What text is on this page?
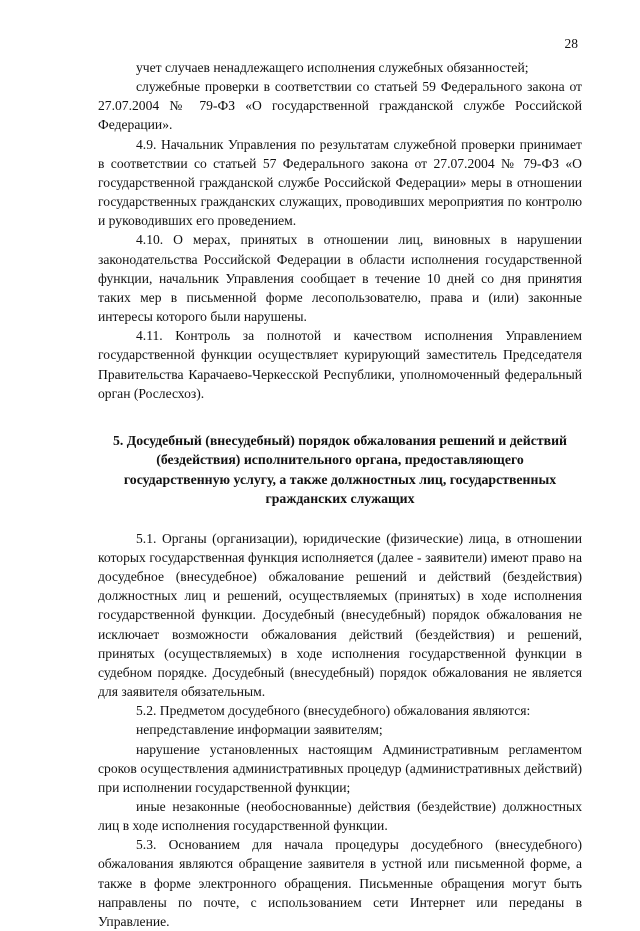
28

учет случаев ненадлежащего исполнения служебных обязанностей;

служебные проверки в соответствии со статьей 59 Федерального закона от 27.07.2004 № 79-ФЗ «О государственной гражданской службе Российской Федерации».

4.9. Начальник Управления по результатам служебной проверки принимает в соответствии со статьей 57 Федерального закона от 27.07.2004 № 79-ФЗ «О государственной гражданской службе Российской Федерации» меры в отношении государственных гражданских служащих, проводивших мероприятия по контролю и руководивших его проведением.

4.10. О мерах, принятых в отношении лиц, виновных в нарушении законодательства Российской Федерации в области исполнения государственной функции, начальник Управления сообщает в течение 10 дней со дня принятия таких мер в письменной форме лесопользователю, права и (или) законные интересы которого были нарушены.

4.11. Контроль за полнотой и качеством исполнения Управлением государственной функции осуществляет курирующий заместитель Председателя Правительства Карачаево-Черкесской Республики, уполномоченный федеральный орган (Рослесхоз).

5. Досудебный (внесудебный) порядок обжалования решений и действий (бездействия) исполнительного органа, предоставляющего государственную услугу, а также должностных лиц, государственных гражданских служащих

5.1. Органы (организации), юридические (физические) лица, в отношении которых государственная функция исполняется (далее - заявители) имеют право на досудебное (внесудебное) обжалование решений и действий (бездействия) должностных лиц и решений, осуществляемых (принятых) в ходе исполнения государственной функции. Досудебный (внесудебный) порядок обжалования не исключает возможности обжалования действий (бездействия) и решений, принятых (осуществляемых) в ходе исполнения государственной функции в судебном порядке. Досудебный (внесудебный) порядок обжалования не является для заявителя обязательным.

5.2. Предметом досудебного (внесудебного) обжалования являются:

непредставление информации заявителям;

нарушение установленных настоящим Административным регламентом сроков осуществления административных процедур (административных действий) при исполнении государственной функции;

иные незаконные (необоснованные) действия (бездействие) должностных лиц в ходе исполнения государственной функции.

5.3. Основанием для начала процедуры досудебного (внесудебного) обжалования являются обращение заявителя в устной или письменной форме, а также в форме электронного обращения. Письменные обращения могут быть направлены по почте, с использованием сети Интернет или переданы в Управление.
